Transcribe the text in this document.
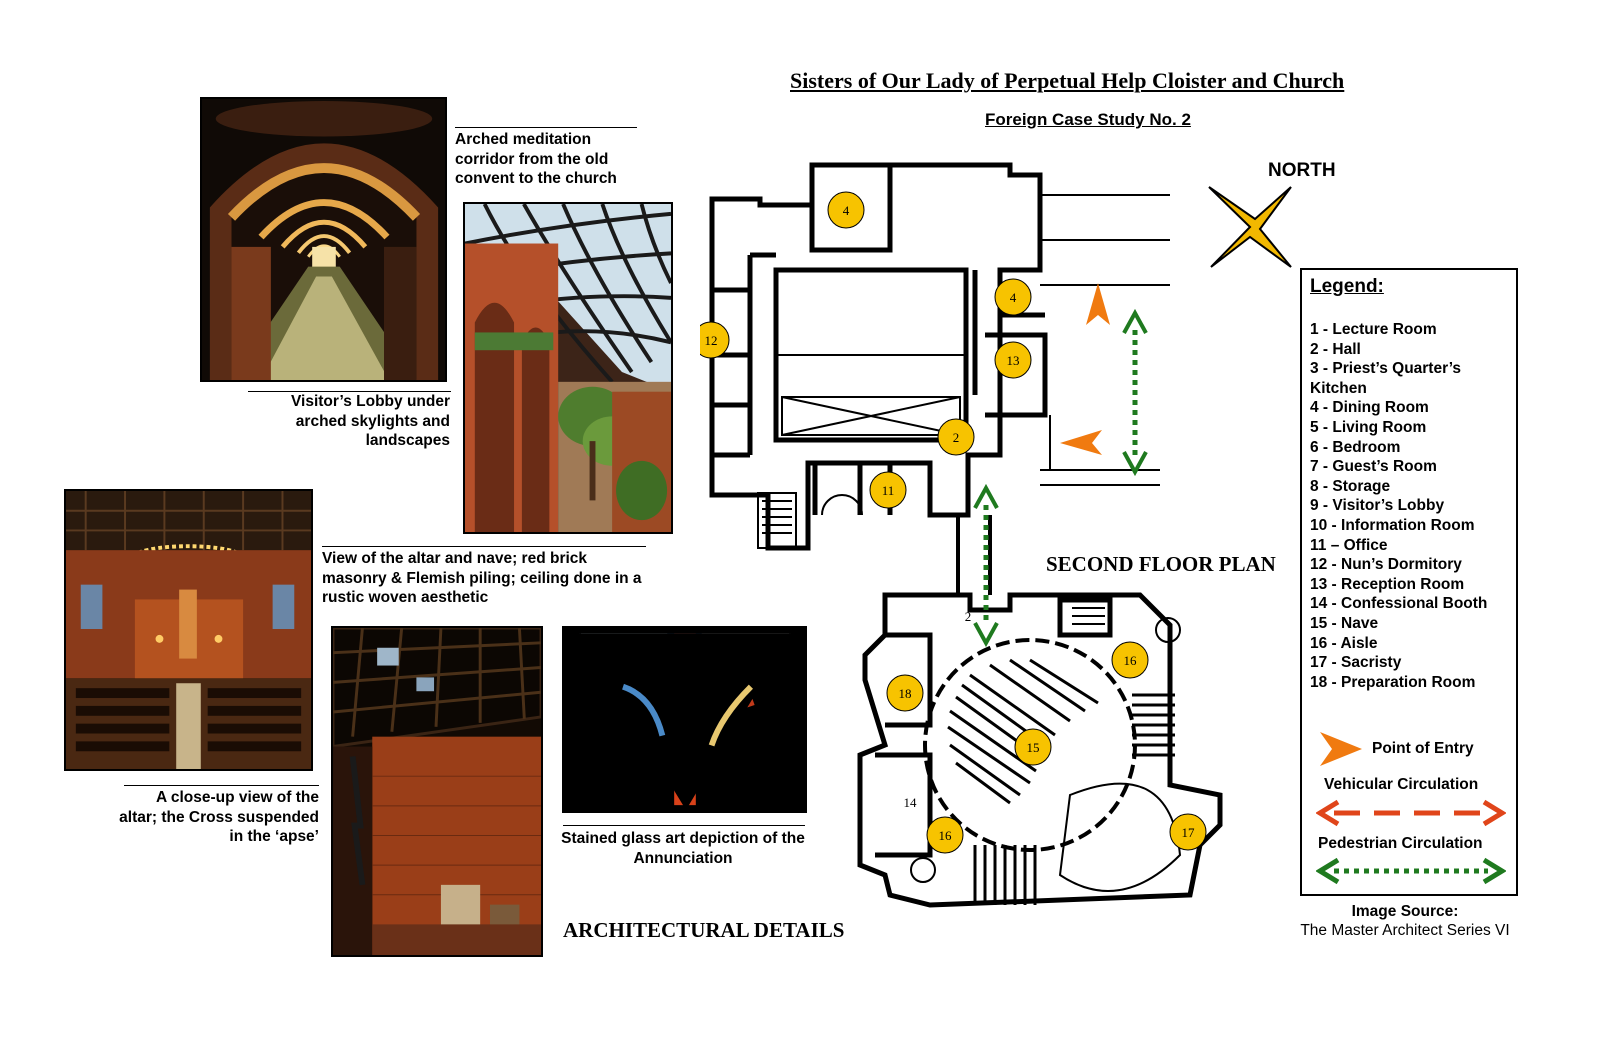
Sisters of Our Lady of Perpetual Help Cloister and Church
Foreign Case Study No. 2
Arched meditation corridor from the old convent to the church
Visitor’s Lobby under arched skylights and landscapes
View of the altar and nave; red brick masonry & Flemish piling; ceiling done in a rustic woven aesthetic
A close-up view of the altar; the Cross suspended in the ‘apse’	Stained glass art depiction of the Annunciation
ARCHITECTURAL DETAILS
4
4
12
13
2
11
16
18
15
16	17
2
14
SECOND FLOOR PLAN
NORTH
Legend:
1 - Lecture Room
2 - Hall
3 - Priest’s Quarter’s Kitchen
4 - Dining Room
5 - Living Room
6 - Bedroom
7 - Guest’s Room
8 - Storage
9 - Visitor’s Lobby
10 - Information Room
11 – Office
12 - Nun’s Dormitory
13 - Reception Room
14 - Confessional Booth
15 - Nave
16 - Aisle
17 - Sacristy
18 - Preparation Room
Point of Entry
Vehicular Circulation
Pedestrian Circulation
Image Source:
The Master Architect Series VI
